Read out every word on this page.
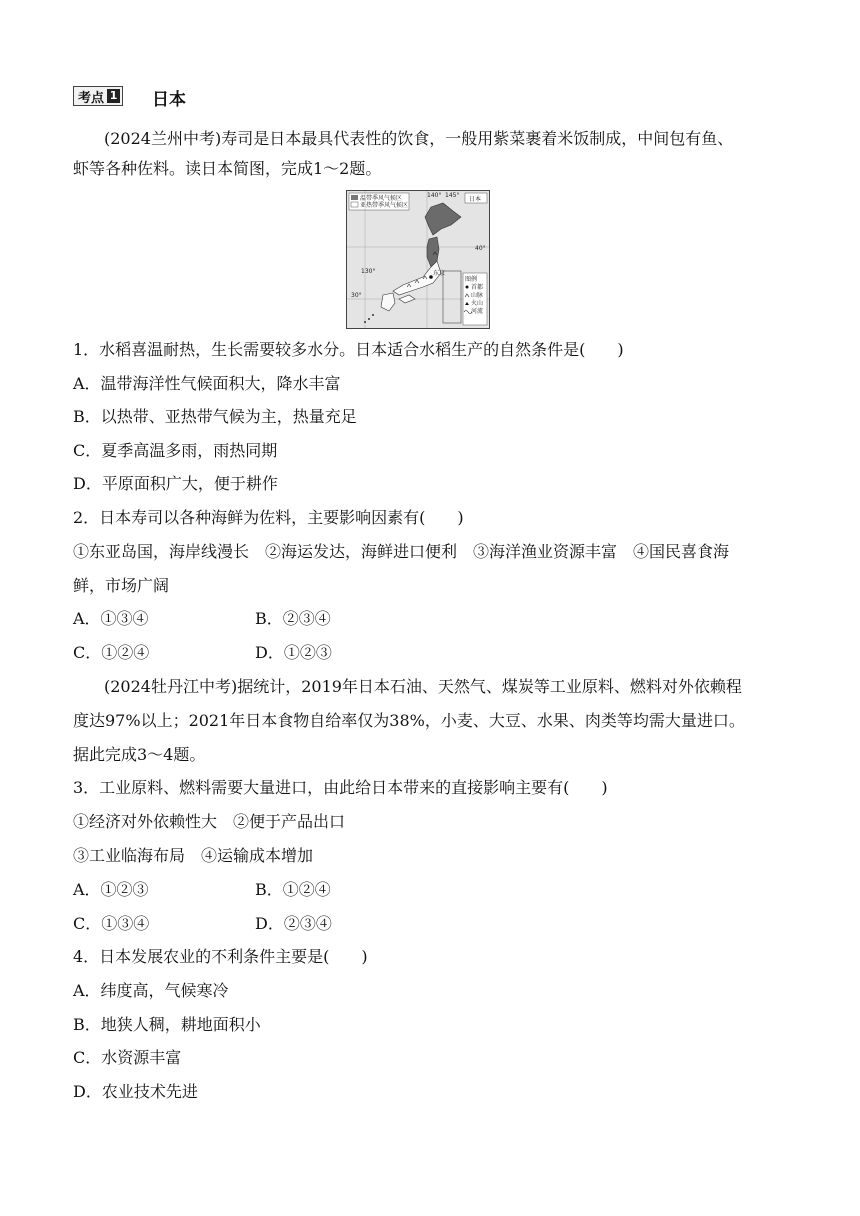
考点 1 日本
(2024兰州中考)寿司是日本最具代表性的饮食，一般用紫菜裹着米饭制成，中间包有鱼、
虾等各种佐料。读日本简图，完成1～2题。
温带季风气候区
亚热带季风气候区
日本
140° 145°
130°
40°
30°
东京
图例
首都
山脉
火山
河流
1．水稻喜温耐热，生长需要较多水分。日本适合水稻生产的自然条件是(　　)
A．温带海洋性气候面积大，降水丰富
B．以热带、亚热带气候为主，热量充足
C．夏季高温多雨，雨热同期
D．平原面积广大，便于耕作
2．日本寿司以各种海鲜为佐料，主要影响因素有(　　)
①东亚岛国，海岸线漫长　②海运发达，海鲜进口便利　③海洋渔业资源丰富　④国民喜食海
鲜，市场广阔
A．①③④	B．②③④
C．①②④	D．①②③
(2024牡丹江中考)据统计，2019年日本石油、天然气、煤炭等工业原料、燃料对外依赖程
度达97%以上；2021年日本食物自给率仅为38%，小麦、大豆、水果、肉类等均需大量进口。
据此完成3～4题。
3．工业原料、燃料需要大量进口，由此给日本带来的直接影响主要有(　　)
①经济对外依赖性大　②便于产品出口
③工业临海布局　④运输成本增加
A．①②③	B．①②④
C．①③④	D．②③④
4．日本发展农业的不利条件主要是(　　)
A．纬度高，气候寒冷
B．地狭人稠，耕地面积小
C．水资源丰富
D．农业技术先进
